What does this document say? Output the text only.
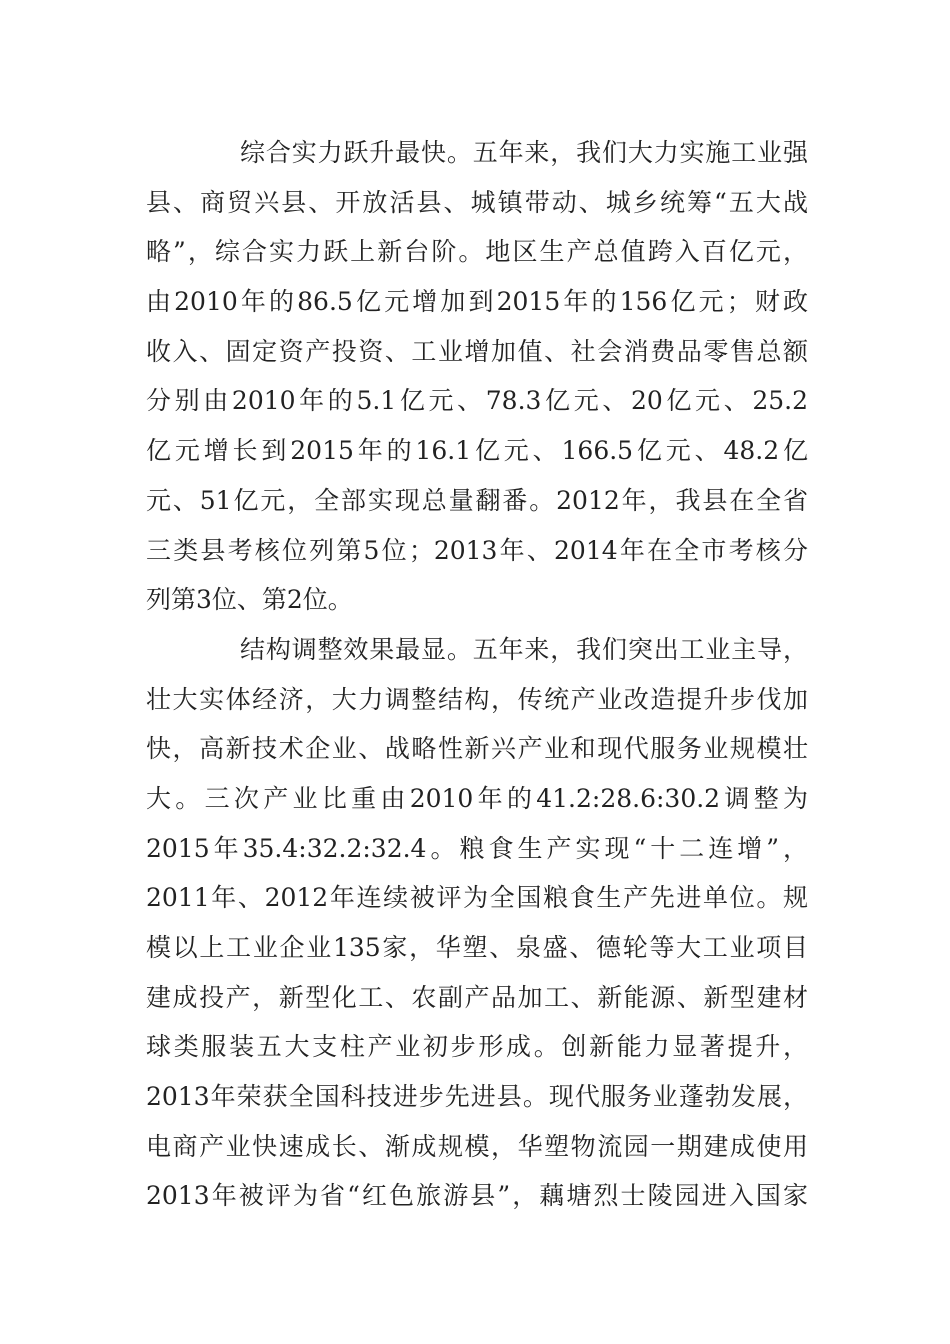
综合实力跃升最快。五年来，我们大力实施工业强
县、商贸兴县、开放活县、城镇带动、城乡统筹“五大战
略”，综合实力跃上新台阶。地区生产总值跨入百亿元，
由2010年的86.5亿元增加到2015年的156亿元；财政
收入、固定资产投资、工业增加值、社会消费品零售总额
分别由2010年的5.1亿元、78.3亿元、20亿元、25.2
亿元增长到2015年的16.1亿元、166.5亿元、48.2亿
元、51亿元，全部实现总量翻番。2012年，我县在全省
三类县考核位列第5位；2013年、2014年在全市考核分
列第3位、第2位。
结构调整效果最显。五年来，我们突出工业主导，
壮大实体经济，大力调整结构，传统产业改造提升步伐加
快，高新技术企业、战略性新兴产业和现代服务业规模壮
大。三次产业比重由2010年的41.2:28.6:30.2调整为
2015年35.4:32.2:32.4。粮食生产实现“十二连增”，
2011年、2012年连续被评为全国粮食生产先进单位。规
模以上工业企业135家，华塑、泉盛、德轮等大工业项目
建成投产，新型化工、农副产品加工、新能源、新型建材
球类服装五大支柱产业初步形成。创新能力显著提升，
2013年荣获全国科技进步先进县。现代服务业蓬勃发展，
电商产业快速成长、渐成规模，华塑物流园一期建成使用
2013年被评为省“红色旅游县”，藕塘烈士陵园进入国家
